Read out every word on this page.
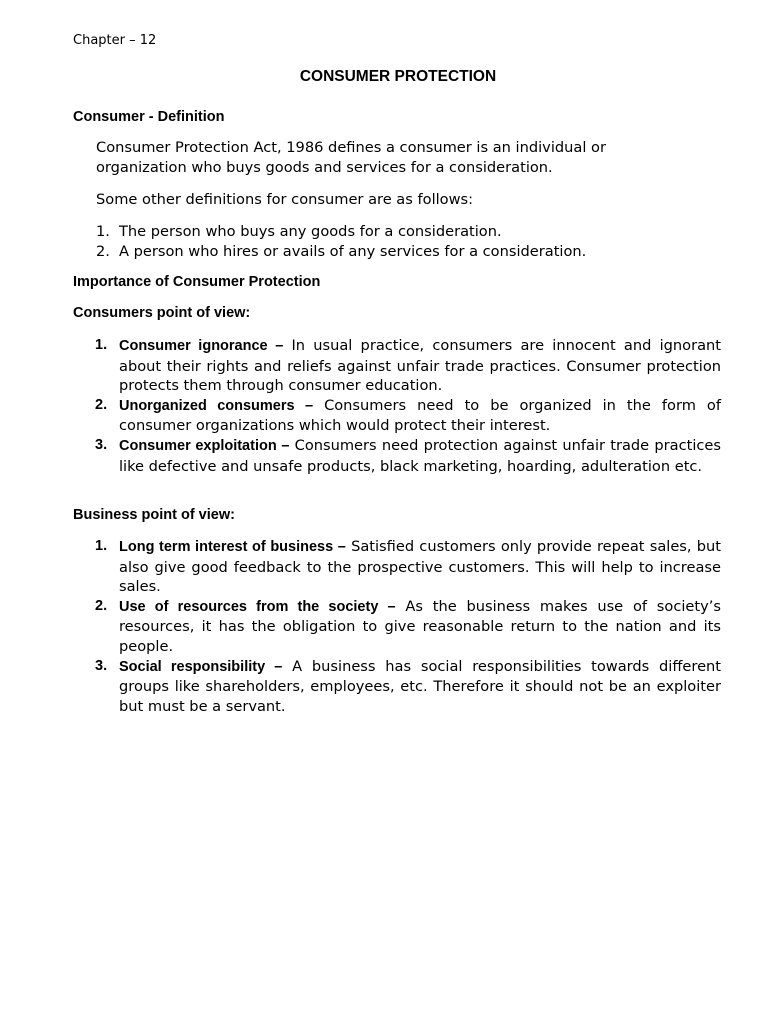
Chapter – 12
CONSUMER PROTECTION
Consumer - Definition
Consumer Protection Act, 1986 defines a consumer is an individual or organization who buys goods and services for a consideration.
Some other definitions for consumer are as follows:
1. The person who buys any goods for a consideration.
2. A person who hires or avails of any services for a consideration.
Importance of Consumer Protection
Consumers point of view:
1. Consumer ignorance – In usual practice, consumers are innocent and ignorant about their rights and reliefs against unfair trade practices. Consumer protection protects them through consumer education.
2. Unorganized consumers – Consumers need to be organized in the form of consumer organizations which would protect their interest.
3. Consumer exploitation – Consumers need protection against unfair trade practices like defective and unsafe products, black marketing, hoarding, adulteration etc.
Business point of view:
1. Long term interest of business – Satisfied customers only provide repeat sales, but also give good feedback to the prospective customers. This will help to increase sales.
2. Use of resources from the society – As the business makes use of society’s resources, it has the obligation to give reasonable return to the nation and its people.
3. Social responsibility – A business has social responsibilities towards different groups like shareholders, employees, etc. Therefore it should not be an exploiter but must be a servant.
